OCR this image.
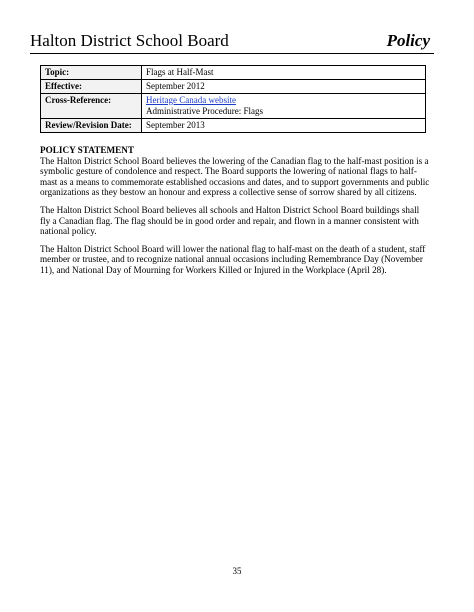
Halton District School Board	Policy
Topic:	Flags at Half-Mast
Effective:	September 2012
Cross-Reference:	Heritage Canada website
Administrative Procedure: Flags
Review/Revision Date:	September 2013

POLICY STATEMENT

The Halton District School Board believes the lowering of the Canadian flag to the half-mast position is a symbolic gesture of condolence and respect. The Board supports the lowering of national flags to half-mast as a means to commemorate established occasions and dates, and to support governments and public organizations as they bestow an honour and express a collective sense of sorrow shared by all citizens.

The Halton District School Board believes all schools and Halton District School Board buildings shall fly a Canadian flag. The flag should be in good order and repair, and flown in a manner consistent with national policy.

The Halton District School Board will lower the national flag to half-mast on the death of a student, staff member or trustee, and to recognize national annual occasions including Remembrance Day (November 11), and National Day of Mourning for Workers Killed or Injured in the Workplace (April 28).

35
